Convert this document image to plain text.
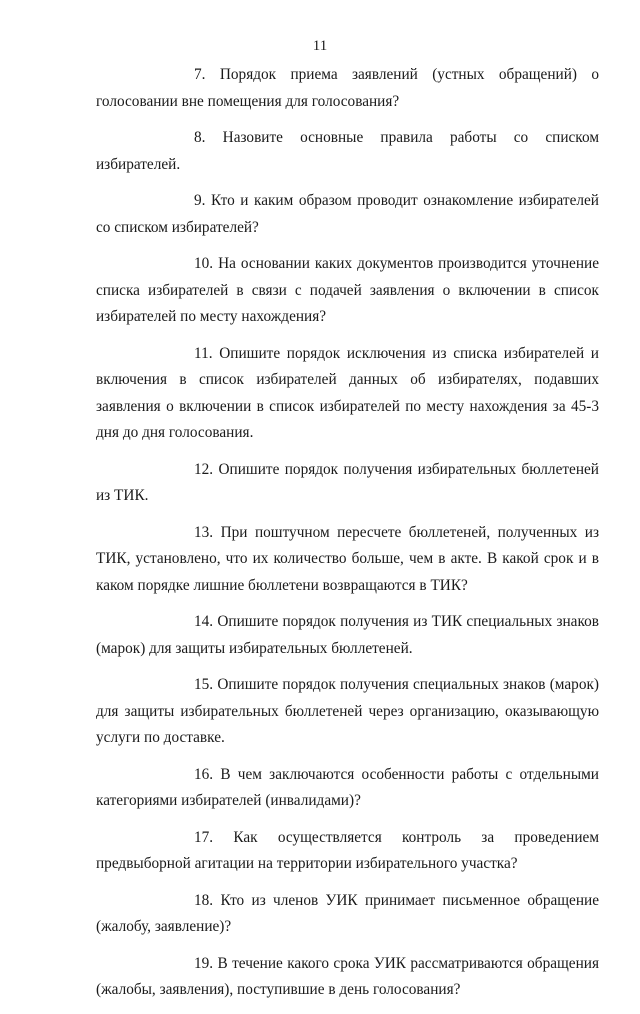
11

7. Порядок приема заявлений (устных обращений) о голосовании вне помещения для голосования?

8. Назовите основные правила работы со списком избирателей.

9. Кто и каким образом проводит ознакомление избирателей со списком избирателей?

10. На основании каких документов производится уточнение списка избирателей в связи с подачей заявления о включении в список избирателей по месту нахождения?

11. Опишите порядок исключения из списка избирателей и включения в список избирателей данных об избирателях, подавших заявления о включении в список избирателей по месту нахождения за 45-3 дня до дня голосования.

12. Опишите порядок получения избирательных бюллетеней из ТИК.

13. При поштучном пересчете бюллетеней, полученных из ТИК, установлено, что их количество больше, чем в акте. В какой срок и в каком порядке лишние бюллетени возвращаются в ТИК?

14. Опишите порядок получения из ТИК специальных знаков (марок) для защиты избирательных бюллетеней.

15. Опишите порядок получения специальных знаков (марок) для защиты избирательных бюллетеней через организацию, оказывающую услуги по доставке.

16. В чем заключаются особенности работы с отдельными категориями избирателей (инвалидами)?

17. Как осуществляется контроль за проведением предвыборной агитации на территории избирательного участка?

18. Кто из членов УИК принимает письменное обращение (жалобу, заявление)?

19. В течение какого срока УИК рассматриваются обращения (жалобы, заявления), поступившие в день голосования?
